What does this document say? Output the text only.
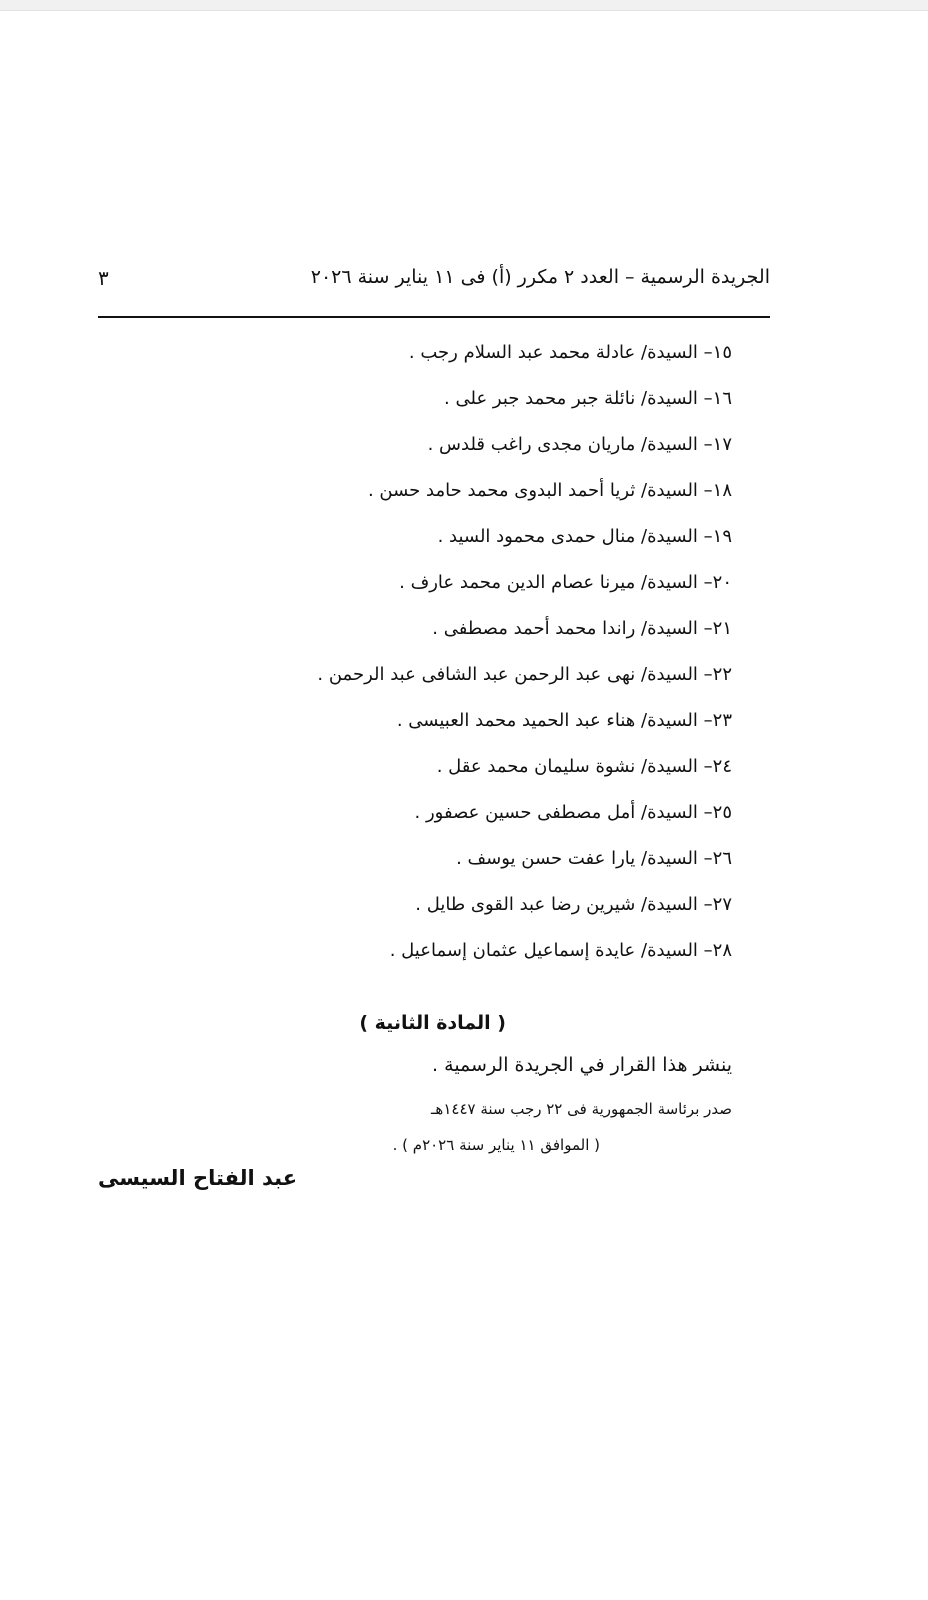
الجريدة الرسمية – العدد ٢ مكرر (أ) فى ١١ يناير سنة ٢٠٢٦
٣
١٥– السيدة/ عادلة محمد عبد السلام رجب .
١٦– السيدة/ نائلة جبر محمد جبر على .
١٧– السيدة/ ماريان مجدى راغب قلدس .
١٨– السيدة/ ثريا أحمد البدوى محمد حامد حسن .
١٩– السيدة/ منال حمدى محمود السيد .
٢٠– السيدة/ ميرنا عصام الدين محمد عارف .
٢١– السيدة/ راندا محمد أحمد مصطفى .
٢٢– السيدة/ نهى عبد الرحمن عبد الشافى عبد الرحمن .
٢٣– السيدة/ هناء عبد الحميد محمد العبيسى .
٢٤– السيدة/ نشوة سليمان محمد عقل .
٢٥– السيدة/ أمل مصطفى حسين عصفور .
٢٦– السيدة/ يارا عفت حسن يوسف .
٢٧– السيدة/ شيرين رضا عبد القوى طايل .
٢٨– السيدة/ عايدة إسماعيل عثمان إسماعيل .
( المادة الثانية )
ينشر هذا القرار في الجريدة الرسمية .
صدر برئاسة الجمهورية فى ٢٢ رجب سنة ١٤٤٧هـ
( الموافق ١١ يناير سنة ٢٠٢٦م ) .
عبد الفتاح السيسى
